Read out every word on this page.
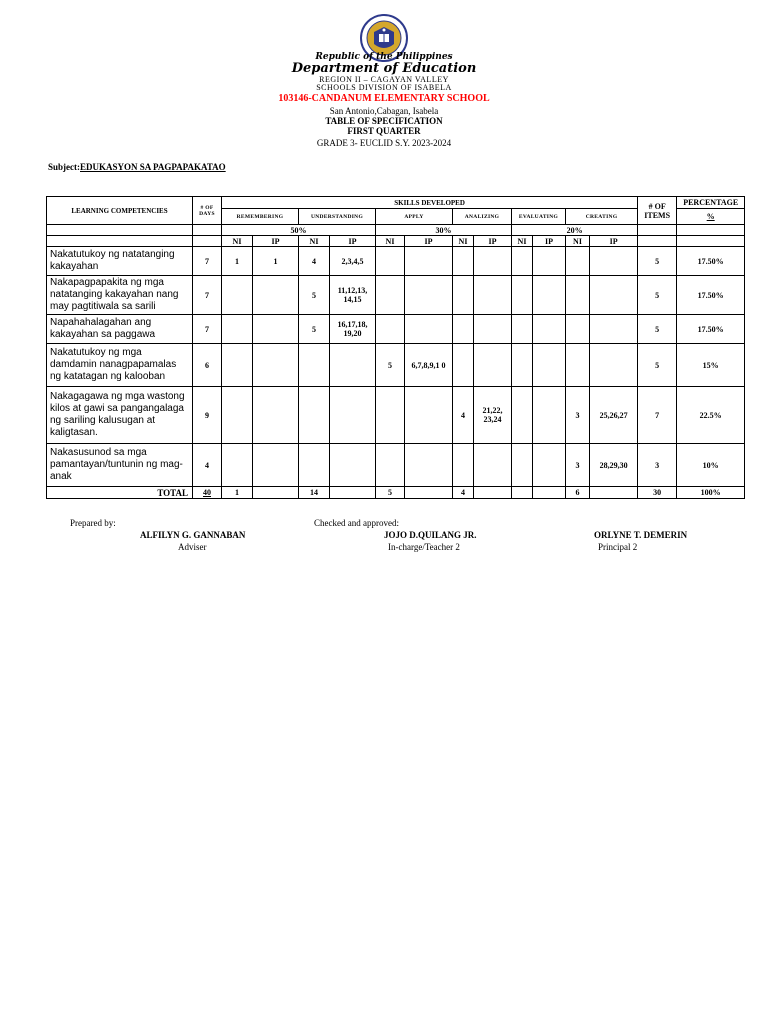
Republic of the Philippines
Department of Education
REGION II – CAGAYAN VALLEY
SCHOOLS DIVISION OF ISABELA
103146-CANDANUM ELEMENTARY SCHOOL
San Antonio,Cabagan, Isabela
TABLE OF SPECIFICATION
FIRST QUARTER
GRADE 3- EUCLID S.Y. 2023-2024
Subject:EDUKASYON SA PAGPAPAKATAO
LEARNING COMPETENCIES	# OF DAYS	SKILLS DEVELOPED												# OF ITEMS	PERCENTAGE
		REMEMBERING		UNDERSTANDING		APPLY		ANALIZING		EVALUATING		CREATING			%
		50%				30%				20%					
		NI	IP	NI	IP	NI	IP	NI	IP	NI	IP	NI	IP		
Nakatutukoy ng natatanging kakayahan	7	1	1	4	2,3,4,5									5	17.50%
Nakapagpapakita ng mga natatanging kakayahan nang may pagtitiwala sa sarili	7			5	11,12,13, 14,15									5	17.50%
Napahahalagahan ang kakayahan sa paggawa	7			5	16,17,18, 19,20									5	17.50%
Nakatutukoy ng mga damdamin nanagpapamalas ng katatagan ng kalooban	6					5	6,7,8,9,1 0							5	15%
Nakagagawa ng mga wastong kilos at gawi sa pangangalaga ng sariling kalusugan at kaligtasan.	9							4	21,22, 23,24			3	25,26,27	7	22.5%
Nakasusunod sa mga pamantayan/tuntunin ng mag-anak	4											3	28,29,30	3	10%
TOTAL	40	1		14		5		4				6		30	100%
Prepared by:	Checked and approved:
ALFILYN G. GANNABAN	JOJO D.QUILANG JR.	ORLYNE T. DEMERIN
Adviser	In-charge/Teacher 2	Principal 2
